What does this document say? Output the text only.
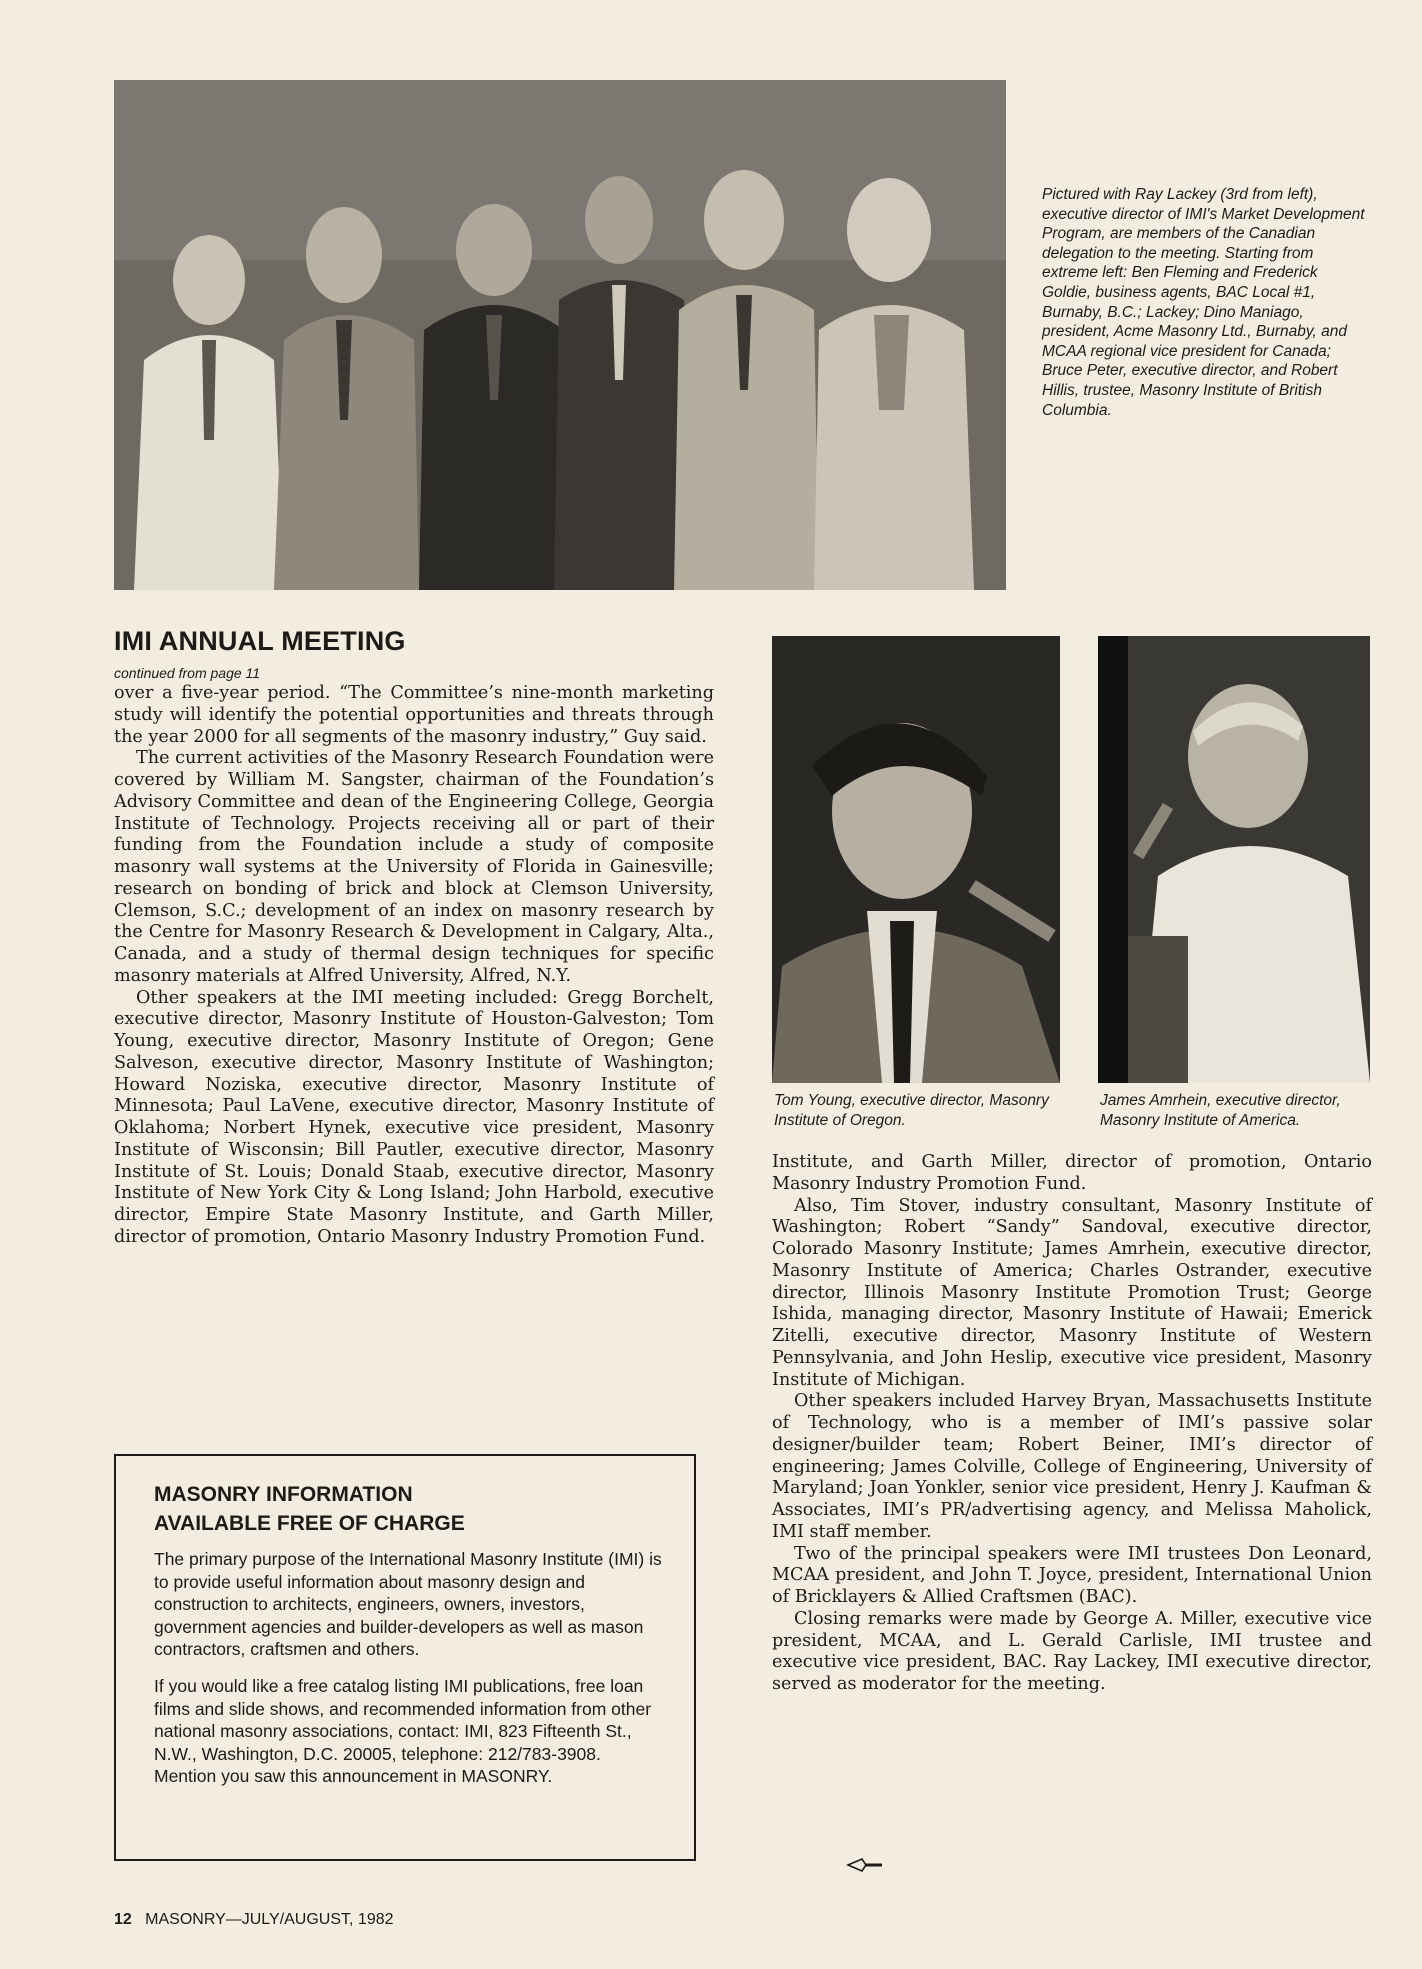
Pictured with Ray Lackey (3rd from left), executive director of IMI's Market Development Program, are members of the Canadian delegation to the meeting. Starting from extreme left: Ben Fleming and Frederick Goldie, business agents, BAC Local #1, Burnaby, B.C.; Lackey; Dino Maniago, president, Acme Masonry Ltd., Burnaby, and MCAA regional vice president for Canada; Bruce Peter, executive director, and Robert Hillis, trustee, Masonry Institute of British Columbia.
IMI ANNUAL MEETING
continued from page 11

over a five-year period. “The Committee’s nine-month marketing study will identify the potential opportunities and threats through the year 2000 for all segments of the masonry industry,” Guy said.

The current activities of the Masonry Research Foundation were covered by William M. Sangster, chairman of the Foundation’s Advisory Committee and dean of the Engineering College, Georgia Institute of Technology. Projects receiving all or part of their funding from the Foundation include a study of composite masonry wall systems at the University of Florida in Gainesville; research on bonding of brick and block at Clemson University, Clemson, S.C.; development of an index on masonry research by the Centre for Masonry Research & Development in Calgary, Alta., Canada, and a study of thermal design techniques for specific masonry materials at Alfred University, Alfred, N.Y.

Other speakers at the IMI meeting included: Gregg Borchelt, executive director, Masonry Institute of Houston-Galveston; Tom Young, executive director, Masonry Institute of Oregon; Gene Salveson, executive director, Masonry Institute of Washington; Howard Noziska, executive director, Masonry Institute of Minnesota; Paul LaVene, executive director, Masonry Institute of Oklahoma; Norbert Hynek, executive vice president, Masonry Institute of Wisconsin; Bill Pautler, executive director, Masonry Institute of St. Louis; Donald Staab, executive director, Masonry Institute of New York City & Long Island; John Harbold, executive director, Empire State Masonry Institute, and Garth Miller, director of promotion, Ontario Masonry Industry Promotion Fund.

MASONRY INFORMATION
AVAILABLE FREE OF CHARGE

The primary purpose of the International Masonry Institute (IMI) is to provide useful information about masonry design and construction to architects, engineers, owners, investors, government agencies and builder-developers as well as mason contractors, craftsmen and others.

If you would like a free catalog listing IMI publications, free loan films and slide shows, and recommended information from other national masonry associations, contact: IMI, 823 Fifteenth St., N.W., Washington, D.C. 20005, telephone: 212/783-3908. Mention you saw this announcement in MASONRY.

Tom Young, executive director, Masonry Institute of Oregon.
James Amrhein, executive director, Masonry Institute of America.

Institute, and Garth Miller, director of promotion, Ontario Masonry Industry Promotion Fund.

Also, Tim Stover, industry consultant, Masonry Institute of Washington; Robert “Sandy” Sandoval, executive director, Colorado Masonry Institute; James Amrhein, executive director, Masonry Institute of America; Charles Ostrander, executive director, Illinois Masonry Institute Promotion Trust; George Ishida, managing director, Masonry Institute of Hawaii; Emerick Zitelli, executive director, Masonry Institute of Western Pennsylvania, and John Heslip, executive vice president, Masonry Institute of Michigan.

Other speakers included Harvey Bryan, Massachusetts Institute of Technology, who is a member of IMI’s passive solar designer/builder team; Robert Beiner, IMI’s director of engineering; James Colville, College of Engineering, University of Maryland; Joan Yonkler, senior vice president, Henry J. Kaufman & Associates, IMI’s PR/advertising agency, and Melissa Maholick, IMI staff member.

Two of the principal speakers were IMI trustees Don Leonard, MCAA president, and John T. Joyce, president, International Union of Bricklayers & Allied Craftsmen (BAC).

Closing remarks were made by George A. Miller, executive vice president, MCAA, and L. Gerald Carlisle, IMI trustee and executive vice president, BAC. Ray Lackey, IMI executive director, served as moderator for the meeting.

12 MASONRY—JULY/AUGUST, 1982
